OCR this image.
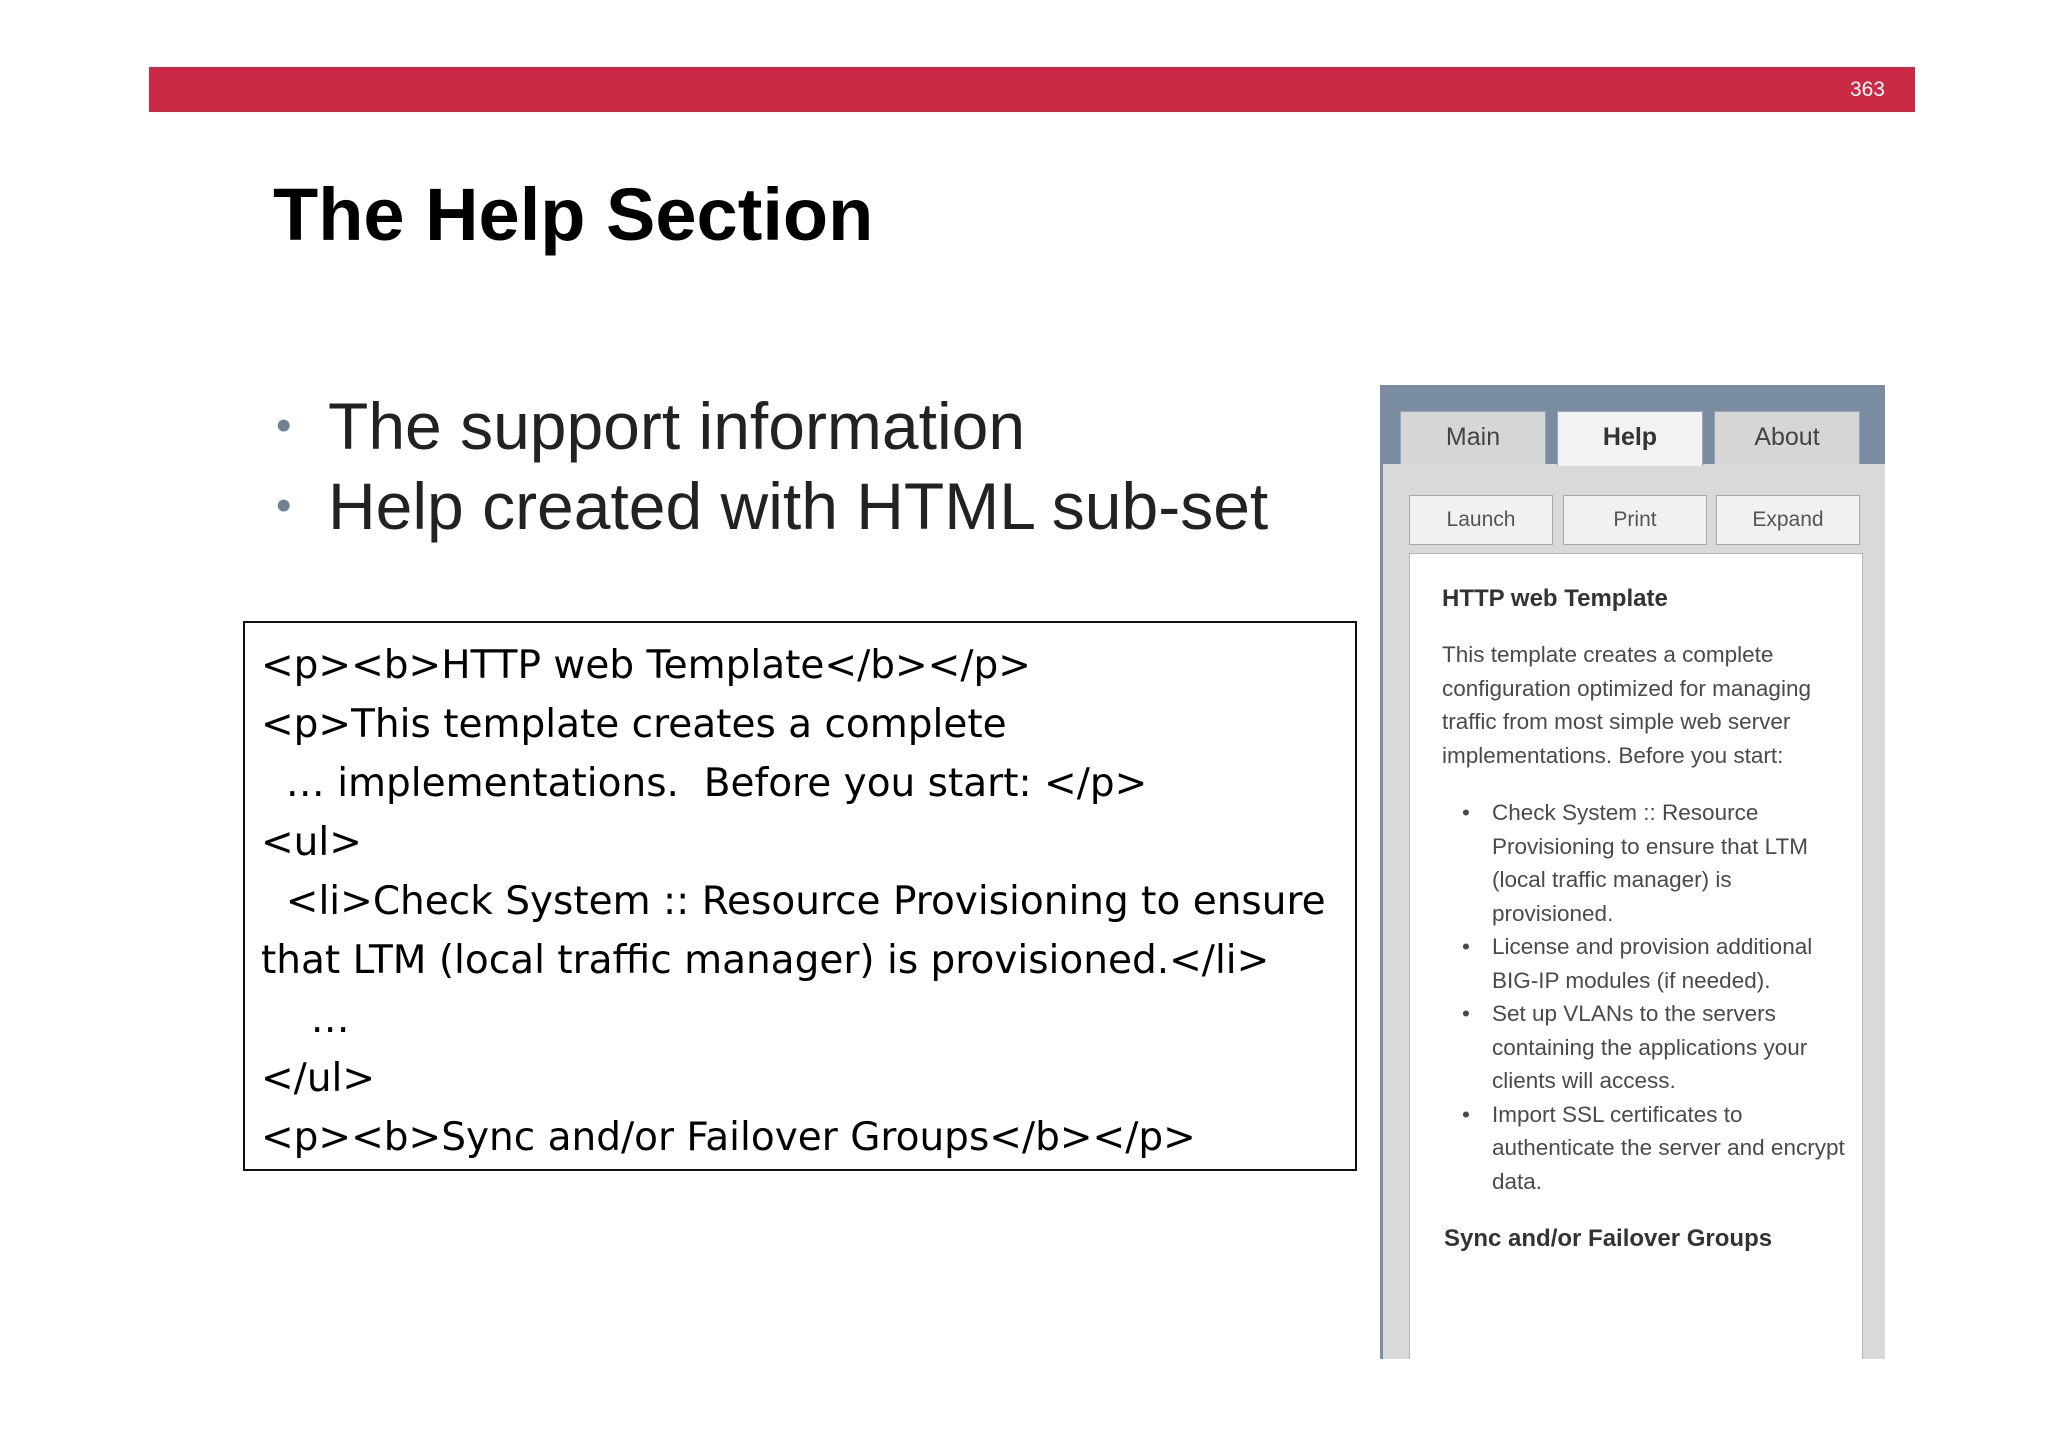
363
The Help Section
• The support information
• Help created with HTML sub-set
<p><b>HTTP web Template</b></p>
<p>This template creates a complete
… implementations.  Before you start: </p>
<ul>
<li>Check System :: Resource Provisioning to ensure
that LTM (local traffic manager) is provisioned.</li>
…
</ul>
<p><b>Sync and/or Failover Groups</b></p>
Main	Help	About
Launch	Print	Expand
HTTP web Template

This template creates a complete configuration optimized for managing traffic from most simple web server implementations. Before you start:

• Check System :: Resource Provisioning to ensure that LTM (local traffic manager) is provisioned.
• License and provision additional BIG-IP modules (if needed).
• Set up VLANs to the servers containing the applications your clients will access.
• Import SSL certificates to authenticate the server and encrypt data.
Sync and/or Failover Groups
